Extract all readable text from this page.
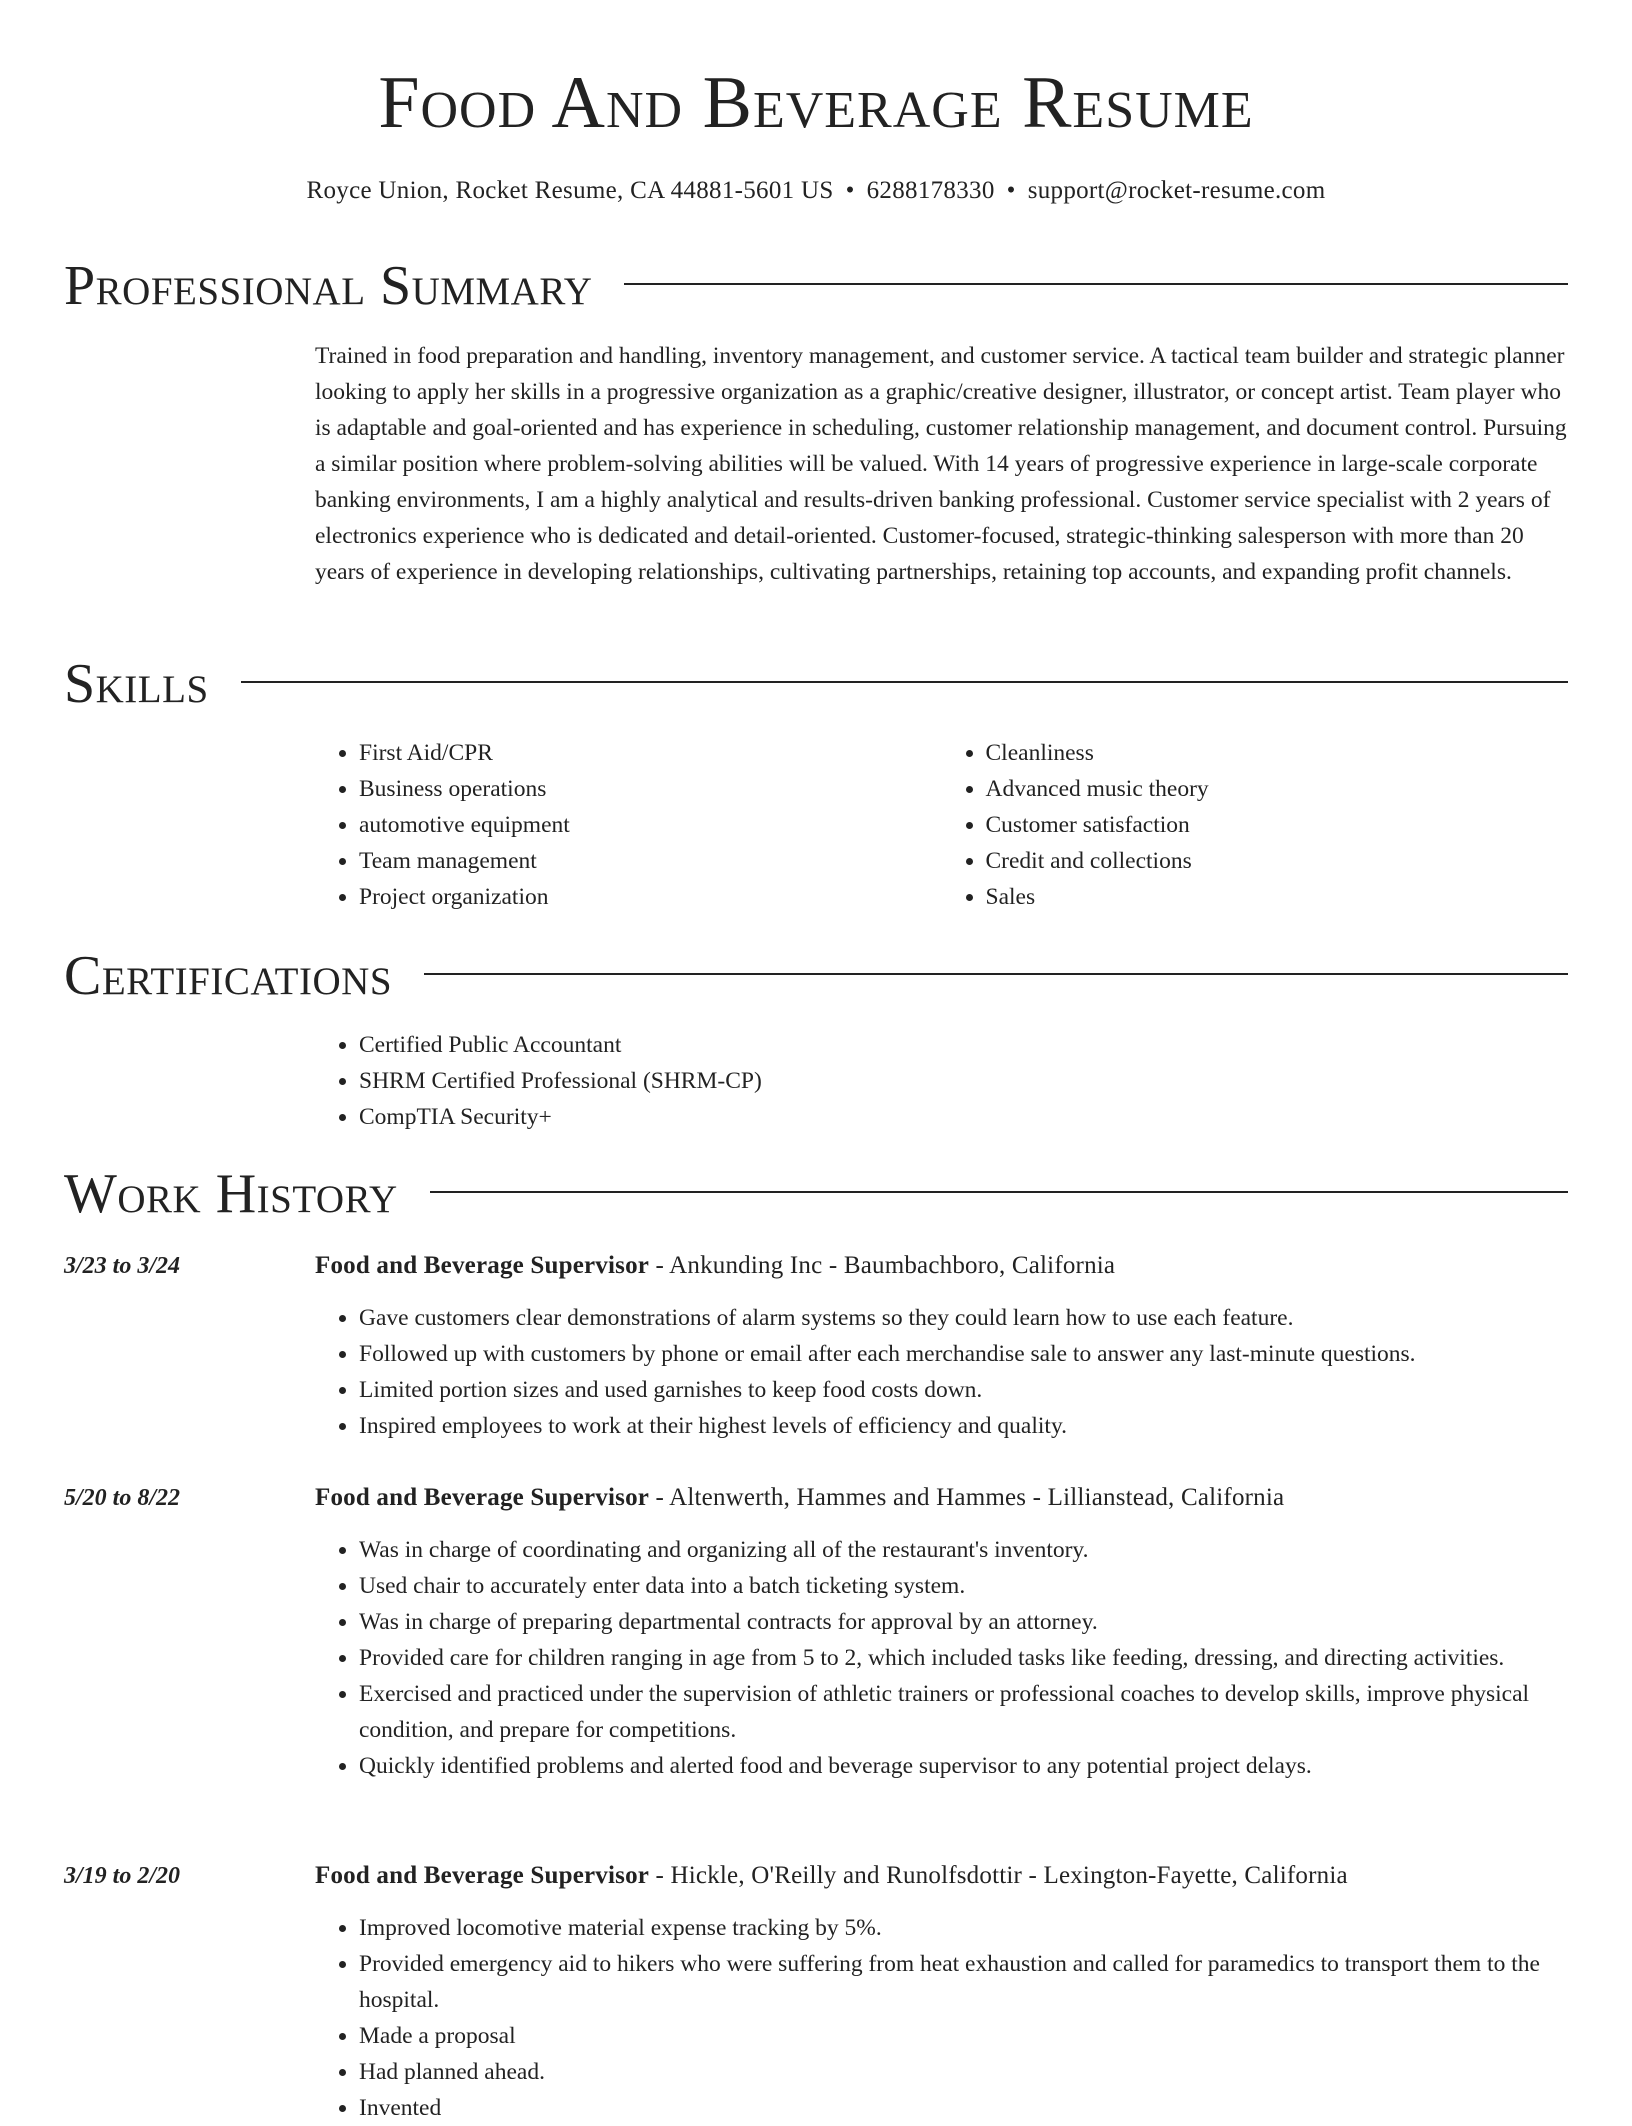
Food And Beverage Resume
Royce Union, Rocket Resume, CA 44881-5601 US • 6288178330 • support@rocket-resume.com
Professional Summary
Trained in food preparation and handling, inventory management, and customer service. A tactical team builder and strategic planner looking to apply her skills in a progressive organization as a graphic/creative designer, illustrator, or concept artist. Team player who is adaptable and goal-oriented and has experience in scheduling, customer relationship management, and document control. Pursuing a similar position where problem-solving abilities will be valued. With 14 years of progressive experience in large-scale corporate banking environments, I am a highly analytical and results-driven banking professional. Customer service specialist with 2 years of electronics experience who is dedicated and detail-oriented. Customer-focused, strategic-thinking salesperson with more than 20 years of experience in developing relationships, cultivating partnerships, retaining top accounts, and expanding profit channels.
Skills
• First Aid/CPR
• Business operations
• automotive equipment
• Team management
• Project organization
• Cleanliness
• Advanced music theory
• Customer satisfaction
• Credit and collections
• Sales
Certifications
• Certified Public Accountant
• SHRM Certified Professional (SHRM-CP)
• CompTIA Security+
Work History
3/23 to 3/24	Food and Beverage Supervisor - Ankunding Inc - Baumbachboro, California
• Gave customers clear demonstrations of alarm systems so they could learn how to use each feature.
• Followed up with customers by phone or email after each merchandise sale to answer any last-minute questions.
• Limited portion sizes and used garnishes to keep food costs down.
• Inspired employees to work at their highest levels of efficiency and quality.
5/20 to 8/22	Food and Beverage Supervisor - Altenwerth, Hammes and Hammes - Lillianstead, California
• Was in charge of coordinating and organizing all of the restaurant's inventory.
• Used chair to accurately enter data into a batch ticketing system.
• Was in charge of preparing departmental contracts for approval by an attorney.
• Provided care for children ranging in age from 5 to 2, which included tasks like feeding, dressing, and directing activities.
• Exercised and practiced under the supervision of athletic trainers or professional coaches to develop skills, improve physical condition, and prepare for competitions.
• Quickly identified problems and alerted food and beverage supervisor to any potential project delays.
3/19 to 2/20	Food and Beverage Supervisor - Hickle, O'Reilly and Runolfsdottir - Lexington-Fayette, California
• Improved locomotive material expense tracking by 5%.
• Provided emergency aid to hikers who were suffering from heat exhaustion and called for paramedics to transport them to the hospital.
• Made a proposal
• Had planned ahead.
• Invented
